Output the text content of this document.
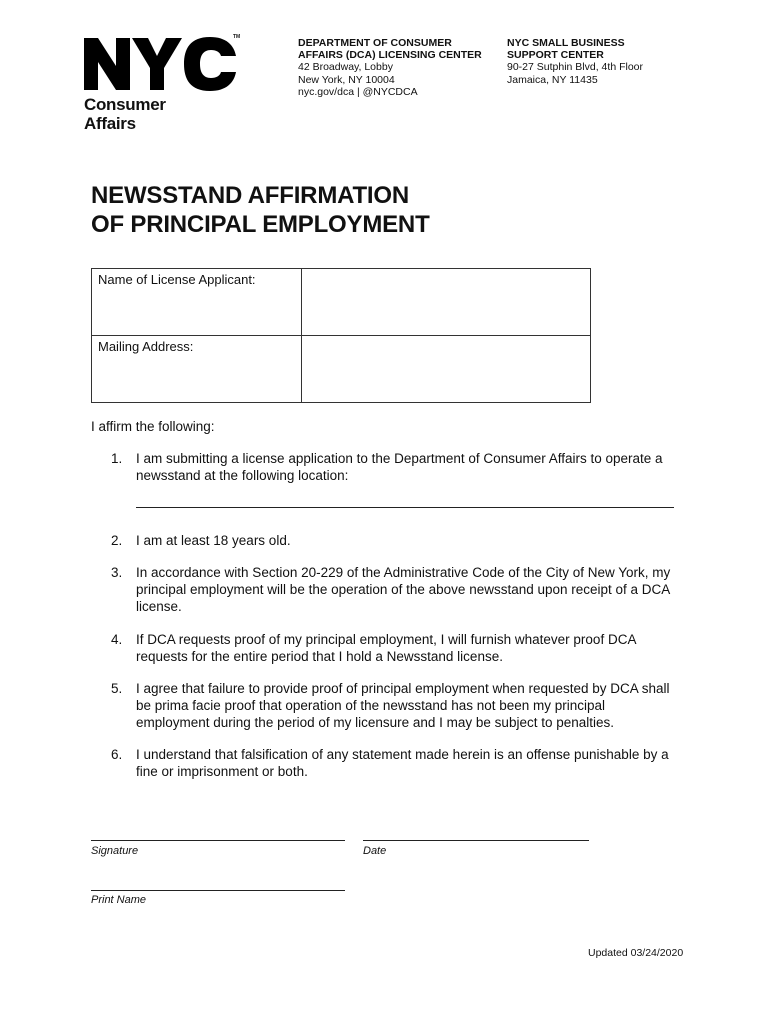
TM
Consumer
Affairs
DEPARTMENT OF CONSUMER
AFFAIRS (DCA) LICENSING CENTER
42 Broadway, Lobby
New York, NY 10004
nyc.gov/dca | @NYCDCA
NYC SMALL BUSINESS
SUPPORT CENTER
90-27 Sutphin Blvd, 4th Floor
Jamaica, NY 11435
NEWSSTAND AFFIRMATION
OF PRINCIPAL EMPLOYMENT
Name of License Applicant:	
Mailing Address:	
I affirm the following:
1. I am submitting a license application to the Department of Consumer Affairs to operate a newsstand at the following location:
2. I am at least 18 years old.
3. In accordance with Section 20-229 of the Administrative Code of the City of New York, my principal employment will be the operation of the above newsstand upon receipt of a DCA license.
4. If DCA requests proof of my principal employment, I will furnish whatever proof DCA requests for the entire period that I hold a Newsstand license.
5. I agree that failure to provide proof of principal employment when requested by DCA shall be prima facie proof that operation of the newsstand has not been my principal employment during the period of my licensure and I may be subject to penalties.
6. I understand that falsification of any statement made herein is an offense punishable by a fine or imprisonment or both.
Signature	Date
Print Name
Updated 03/24/2020
